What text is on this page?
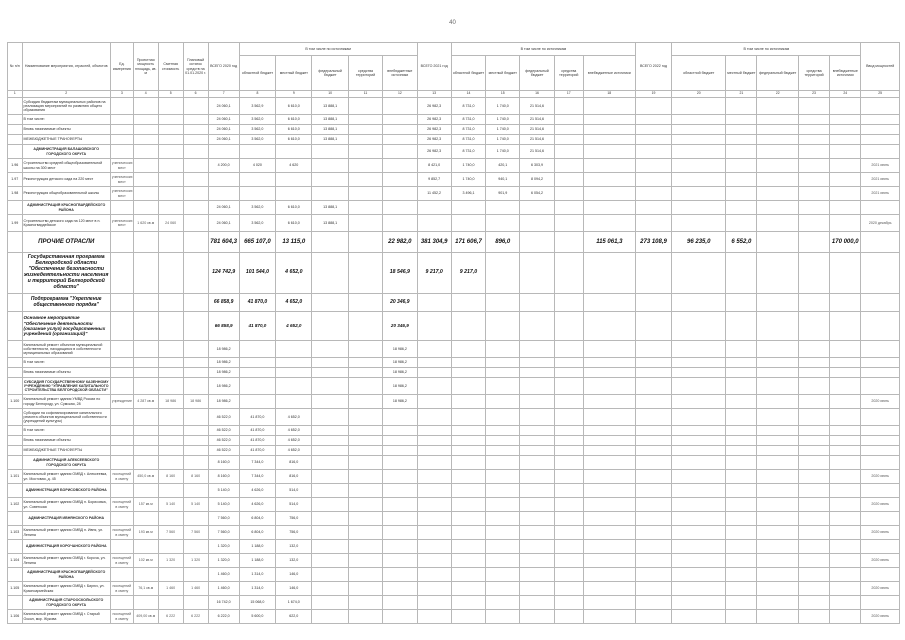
40
№ п/п	Наименование мероприятия, отраслей, объектов	Ед. измерения	Проектная мощность площадь, кв. м	Сметная стоимость	Плановый остаток средств на 01.01.2020 г.	ВСЕГО 2020 год	В том числе по источникам					ВСЕГО 2021 год	В том числе по источникам					ВСЕГО 2022 год	В том числе по источникам					Ввод мощностей
							областной бюджет	местный бюджет	федеральный бюджет	средства территорий	внебюджетные источники		областной бюджет	местный бюджет	федеральный бюджет	средства территорий	внебюджетные источники		областной бюджет	местный бюджет	федеральный бюджет	средства территорий	внебюджетные источники	
1	2	3	4	5	6	7	8	9	10	11	12	13	14	15	16	17	18	19	20	21	22	23	24	25
	Субсидия бюджетам муниципальных районов на реализацию мероприятий по развитию общего образования					24 060,1	3 562,9	6 610,0	13 888,1			26 982,3	8 731,0	1 740,0	21 514,6									
	В том числе:					24 060,1	3 562,0	6 610,0	13 888,1			26 982,3	8 731,0	1 740,0	21 514,6									
	Вновь начинаемые объекты					24 060,1	3 562,0	6 610,0	13 888,1			26 982,3	8 731,0	1 740,0	21 514,6									
	МЕЖБЮДЖЕТНЫЕ ТРАНСФЕРТЫ					24 060,1	3 562,0	6 610,0	13 888,1			26 982,3	8 731,0	1 740,0	21 514,6									
	АДМИНИСТРАЦИЯ БАЛАШОВСКОГО ГОРОДСКОГО ОКРУГА											26 982,3	8 731,0	1 740,0	21 514,6									
1.96	Строительство средней общеобразовательной школы на 300 мест	ученических мест				4 200,0	4 020	4 620				8 421,0	1 740,0	420,1	6 303,9									2021 июнь
1.97	Реконструкция детского сада на 220 мест	ученических мест										9 852,7	1 740,0	940,1	8 094,2									2021 июнь
1.98	Реконструкция общеобразовательной школы	ученических мест										11 452,2	3 496,1	901,9	6 054,2									2021 июнь
	АДМИНИСТРАЦИЯ КРАСНОГВАРДЕЙСКОГО РАЙОНА					24 060,1	3 562,0	6 610,0	13 888,1															
1.99	Строительство детского сада на 120 мест в п. Красногвардейское	ученических мест	1 620 кв.м	24 060		24 060,1	3 562,0	6 610,0	13 888,1															2020 декабрь
	ПРОЧИЕ ОТРАСЛИ					781 604,3	665 107,0	13 115,0			22 982,0	381 304,9	171 606,7	896,0			115 061,3	273 108,9	96 235,0	6 552,0			170 000,0	
	Государственная программа Белгородской области "Обеспечение безопасности жизнедеятельности населения и территорий Белгородской области"					124 742,9	101 544,0	4 652,0			18 546,9	9 217,0	9 217,0											
	Подпрограмма "Укрепление общественного порядка"					66 858,9	41 870,0	4 652,0			20 346,9													
	Основное мероприятие "Обеспечение деятельности (оказание услуг) государственных учреждений (организаций)"					66 858,9	41 870,0	4 652,0			20 346,9													
	Капитальный ремонт объектов муниципальной собственности, находящихся в собственности муниципальных образований					18 986,2					18 986,2													
	В том числе:					18 986,2					18 986,2													
	Вновь начинаемые объекты					18 986,2					18 986,2													
	СУБСИДИЯ ГОСУДАРСТВЕННОМУ КАЗЕННОМУ УЧРЕЖДЕНИЮ "УПРАВЛЕНИЕ КАПИТАЛЬНОГО СТРОИТЕЛЬСТВА БЕЛГОРОДСКОЙ ОБЛАСТИ"					18 986,2					18 986,2													
1.100	Капитальный ремонт здания УМВД России по городу Белгороду, ул. Сумская, 28	учреждение	4 287 кв.м	18 986	18 986	18 986,2					18 986,2													2020 июнь
	Субсидии на софинансирование капитального ремонта объектов муниципальной собственности (учреждений культуры)					46 522,0	41 870,0	4 652,0																
	В том числе:					46 522,0	41 870,0	4 652,0																
	Вновь начинаемые объекты					46 522,0	41 870,0	4 652,0																
	МЕЖБЮДЖЕТНЫЕ ТРАНСФЕРТЫ					46 522,0	41 870,0	4 652,0																
	АДМИНИСТРАЦИЯ АЛЕКСЕЕВСКОГО ГОРОДСКОГО ОКРУГА					8 160,0	7 344,0	816,0																
1.101	Капитальный ремонт здания ОМВД г. Алексеевка, ул. Мостовая, д. 45	посещений в смену	450,0 кв.м	8 160	8 160	8 160,0	7 344,0	816,0																2020 июнь
	АДМИНИСТРАЦИЯ БОРИСОВСКОГО РАЙОНА					5 140,0	4 626,0	514,0																
1.102	Капитальный ремонт здания ОМВД п. Борисовка, ул. Советская	посещений в смену	157 кв.м	5 140	5 140	5 140,0	4 626,0	514,0																2020 июнь
	АДМИНИСТРАЦИЯ ИВНЯНСКОГО РАЙОНА					7 560,0	6 804,0	756,0																
1.103	Капитальный ремонт здания ОМВД п. Ивня, ул. Ленина	посещений в смену	193 кв.м	7 560	7 560	7 560,0	6 804,0	756,0																2020 июнь
	АДМИНИСТРАЦИЯ КОРОЧАНСКОГО РАЙОНА					1 320,0	1 188,0	132,0																
1.104	Капитальный ремонт здания ОМВД г. Короча, ул. Ленина	посещений в смену	102 кв.м	1 320	1 320	1 320,0	1 188,0	132,0																2020 июнь
	АДМИНИСТРАЦИЯ КРАСНОГВАРДЕЙСКОГО РАЙОНА					1 460,0	1 314,0	146,0																
1.105	Капитальный ремонт здания ОМВД г. Бирюч, ул. Красноармейская	посещений в смену	76,1 кв.м	1 460	1 460	1 460,0	1 314,0	146,0																2020 июнь
	АДМИНИСТРАЦИЯ СТАРООСКОЛЬСКОГО ГОРОДСКОГО ОКРУГА					16 742,0	15 068,0	1 674,0																
1.106	Капитальный ремонт здания ОМВД г. Старый Оскол, мкр. Жукова	посещений в смену	409,00 кв.м	6 222	6 222	6 222,0	5 600,0	622,0																2020 июнь
